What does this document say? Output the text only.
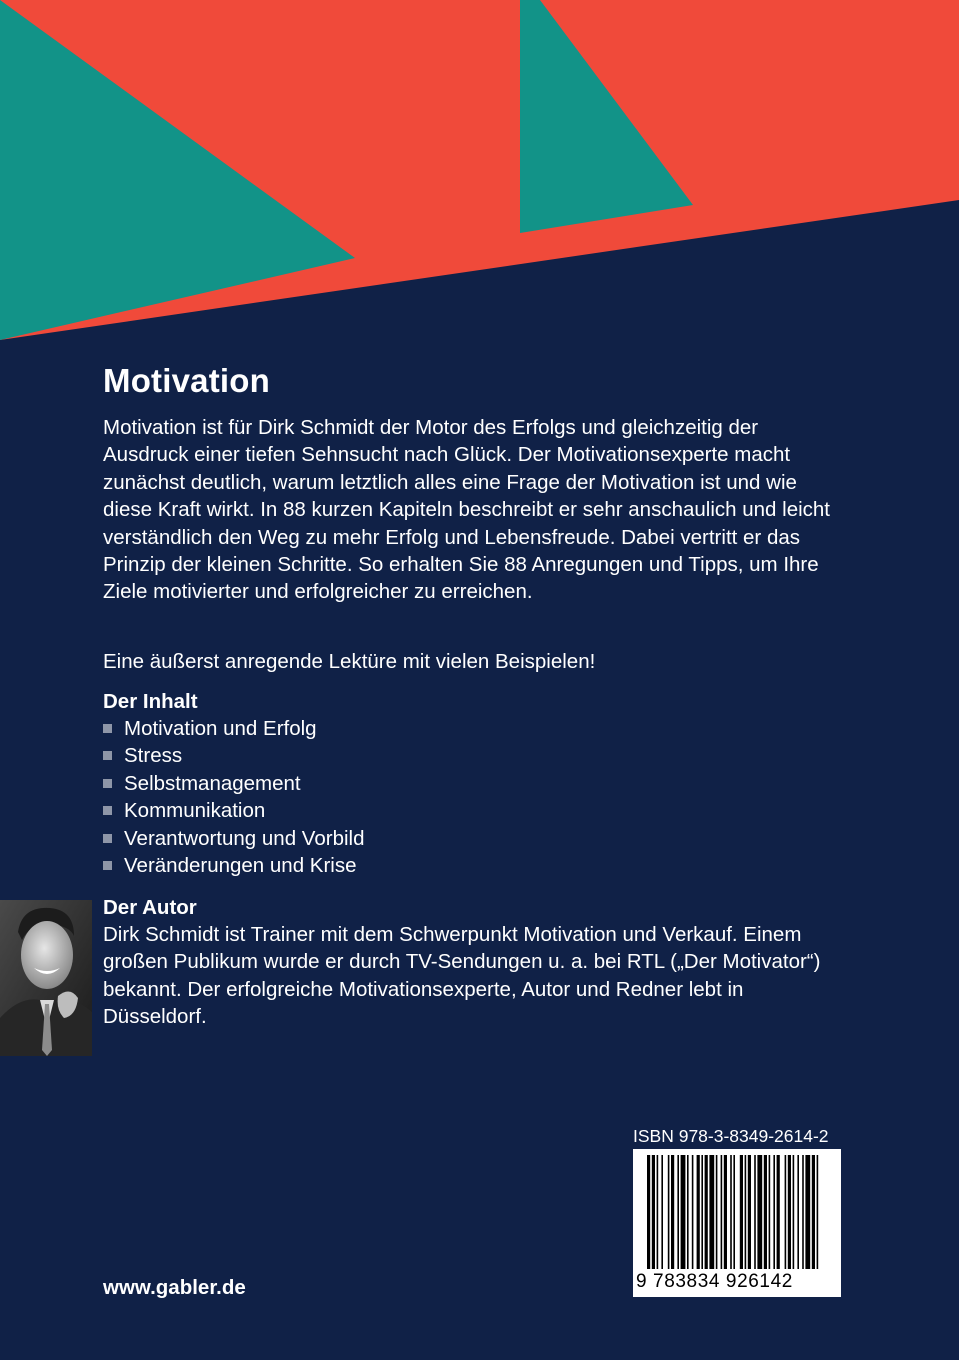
Motivation

Motivation ist für Dirk Schmidt der Motor des Erfolgs und gleichzeitig der Ausdruck einer tiefen Sehnsucht nach Glück. Der Motivationsexperte macht zunächst deutlich, warum letztlich alles eine Frage der Motivation ist und wie diese Kraft wirkt. In 88 kurzen Kapiteln beschreibt er sehr anschaulich und leicht verständlich den Weg zu mehr Erfolg und Lebensfreude. Dabei vertritt er das Prinzip der kleinen Schritte. So erhalten Sie 88 Anregungen und Tipps, um Ihre Ziele motivierter und erfolgreicher zu erreichen.

Eine äußerst anregende Lektüre mit vielen Beispielen!

Der Inhalt
Motivation und Erfolg
Stress
Selbstmanagement
Kommunikation
Verantwortung und Vorbild
Veränderungen und Krise
Der Autor

Dirk Schmidt ist Trainer mit dem Schwerpunkt Motivation und Verkauf. Einem großen Publikum wurde er durch TV-Sendungen u. a. bei RTL („Der Motivator“) bekannt. Der erfolgreiche Motivationsexperte, Autor und Redner lebt in Düsseldorf.

ISBN 978-3-8349-2614-2

9 783834 926142

www.gabler.de
